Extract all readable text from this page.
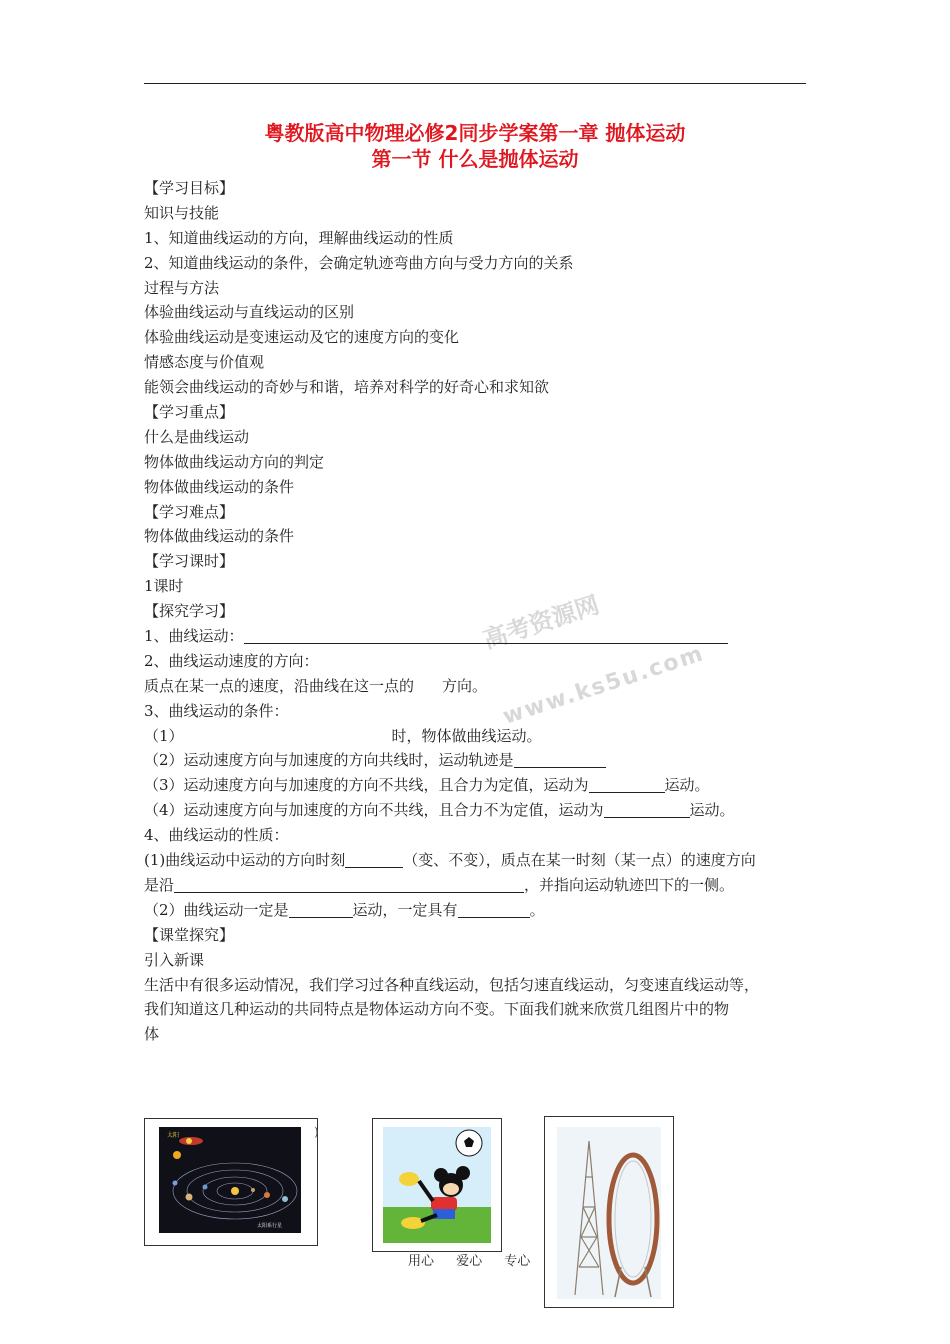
粤教版高中物理必修2同步学案第一章 抛体运动
第一节 什么是抛体运动
高考资源网
www.ks5u.com
【学习目标】
知识与技能
1、知道曲线运动的方向，理解曲线运动的性质
2、知道曲线运动的条件，会确定轨迹弯曲方向与受力方向的关系
过程与方法
体验曲线运动与直线运动的区别
体验曲线运动是变速运动及它的速度方向的变化
情感态度与价值观
能领会曲线运动的奇妙与和谐，培养对科学的好奇心和求知欲
【学习重点】
什么是曲线运动
物体做曲线运动方向的判定
物体做曲线运动的条件
【学习难点】
物体做曲线运动的条件
【学习课时】
1课时
【探究学习】
1、曲线运动：
2、曲线运动速度的方向：
质点在某一点的速度，沿曲线在这一点的 方向。
3、曲线运动的条件：
（1）	时，物体做曲线运动。
（2）运动速度方向与加速度的方向共线时，运动轨迹是
（3）运动速度方向与加速度的方向不共线，且合力为定值，运动为	运动。
（4）运动速度方向与加速度的方向不共线，且合力不为定值，运动为	运动。
4、曲线运动的性质：
(1)曲线运动中运动的方向时刻	（变、不变），质点在某一时刻（某一点）的速度方向
是沿	，并指向运动轨迹凹下的一侧。
（2）曲线运动一定是	运动，一定具有	。
【课堂探究】
引入新课
生活中有很多运动情况，我们学习过各种直线运动，包括匀速直线运动，匀变速直线运动等，
我们知道这几种运动的共同特点是物体运动方向不变。下面我们就来欣赏几组图片中的物
体
太阳
太阳系行星
)
用心 爱心 专心
